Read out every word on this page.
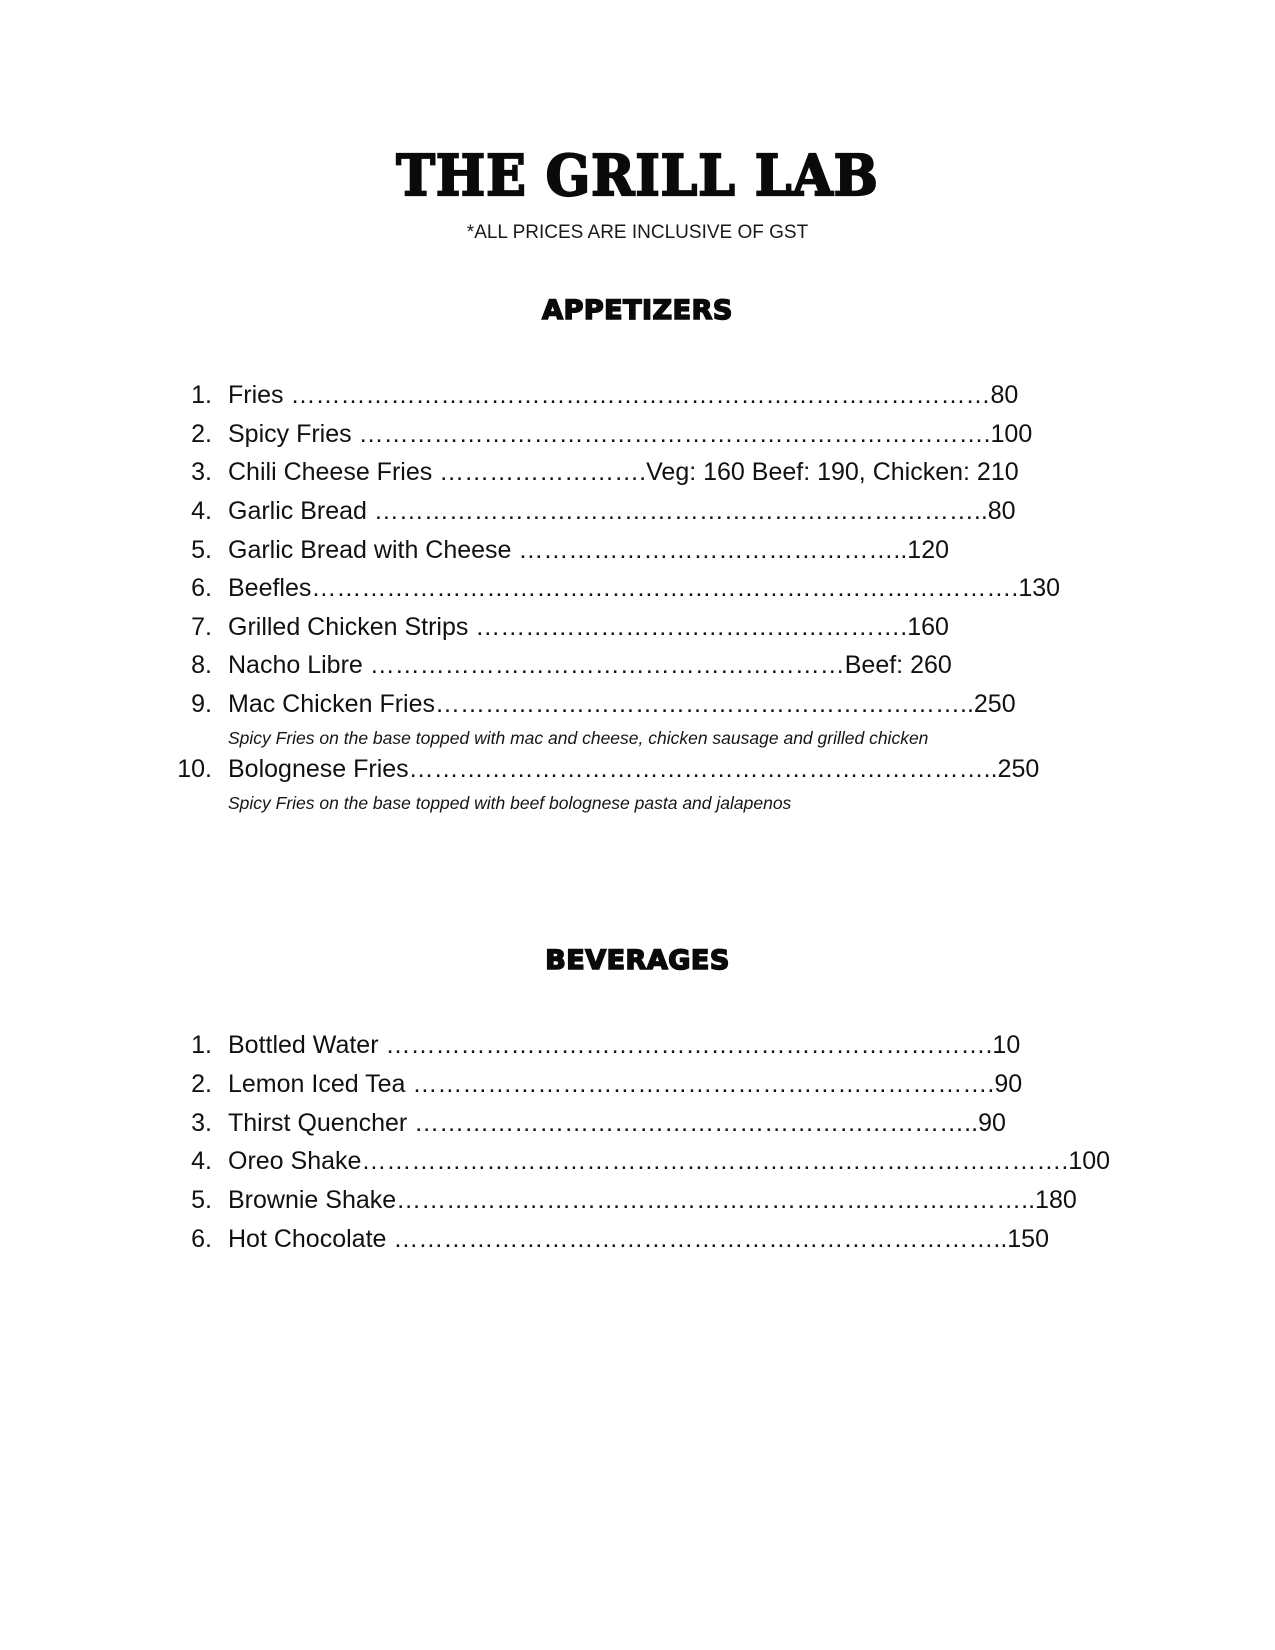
THE GRILL LAB
*ALL PRICES ARE INCLUSIVE OF GST
APPETIZERS
1. Fries …………………………………………………………………………80
2. Spicy Fries ………………………………………………………………….100
3. Chili Cheese Fries …………………….Veg: 160 Beef: 190, Chicken: 210
4. Garlic Bread ………………………………………………………………..80
5. Garlic Bread with Cheese ………………………………………..120
6. Beefles………………………………………………………………………….130
7. Grilled Chicken Strips …………………………………………….160
8. Nacho Libre …………………………………………………Beef: 260
9. Mac Chicken Fries………………………………………………………..250
Spicy Fries on the base topped with mac and cheese, chicken sausage and grilled chicken
10. Bolognese Fries……………………………………………………………..250
Spicy Fries on the base topped with beef bolognese pasta and jalapenos
BEVERAGES
1. Bottled Water ……………………………………………………………….10
2. Lemon Iced Tea …………………………………………………………….90
3. Thirst Quencher …………………………………………………………..90
4. Oreo Shake………………………………………………………………………….100
5. Brownie Shake…………………………………………………………………..180
6. Hot Chocolate ………………………………………………………………..150
